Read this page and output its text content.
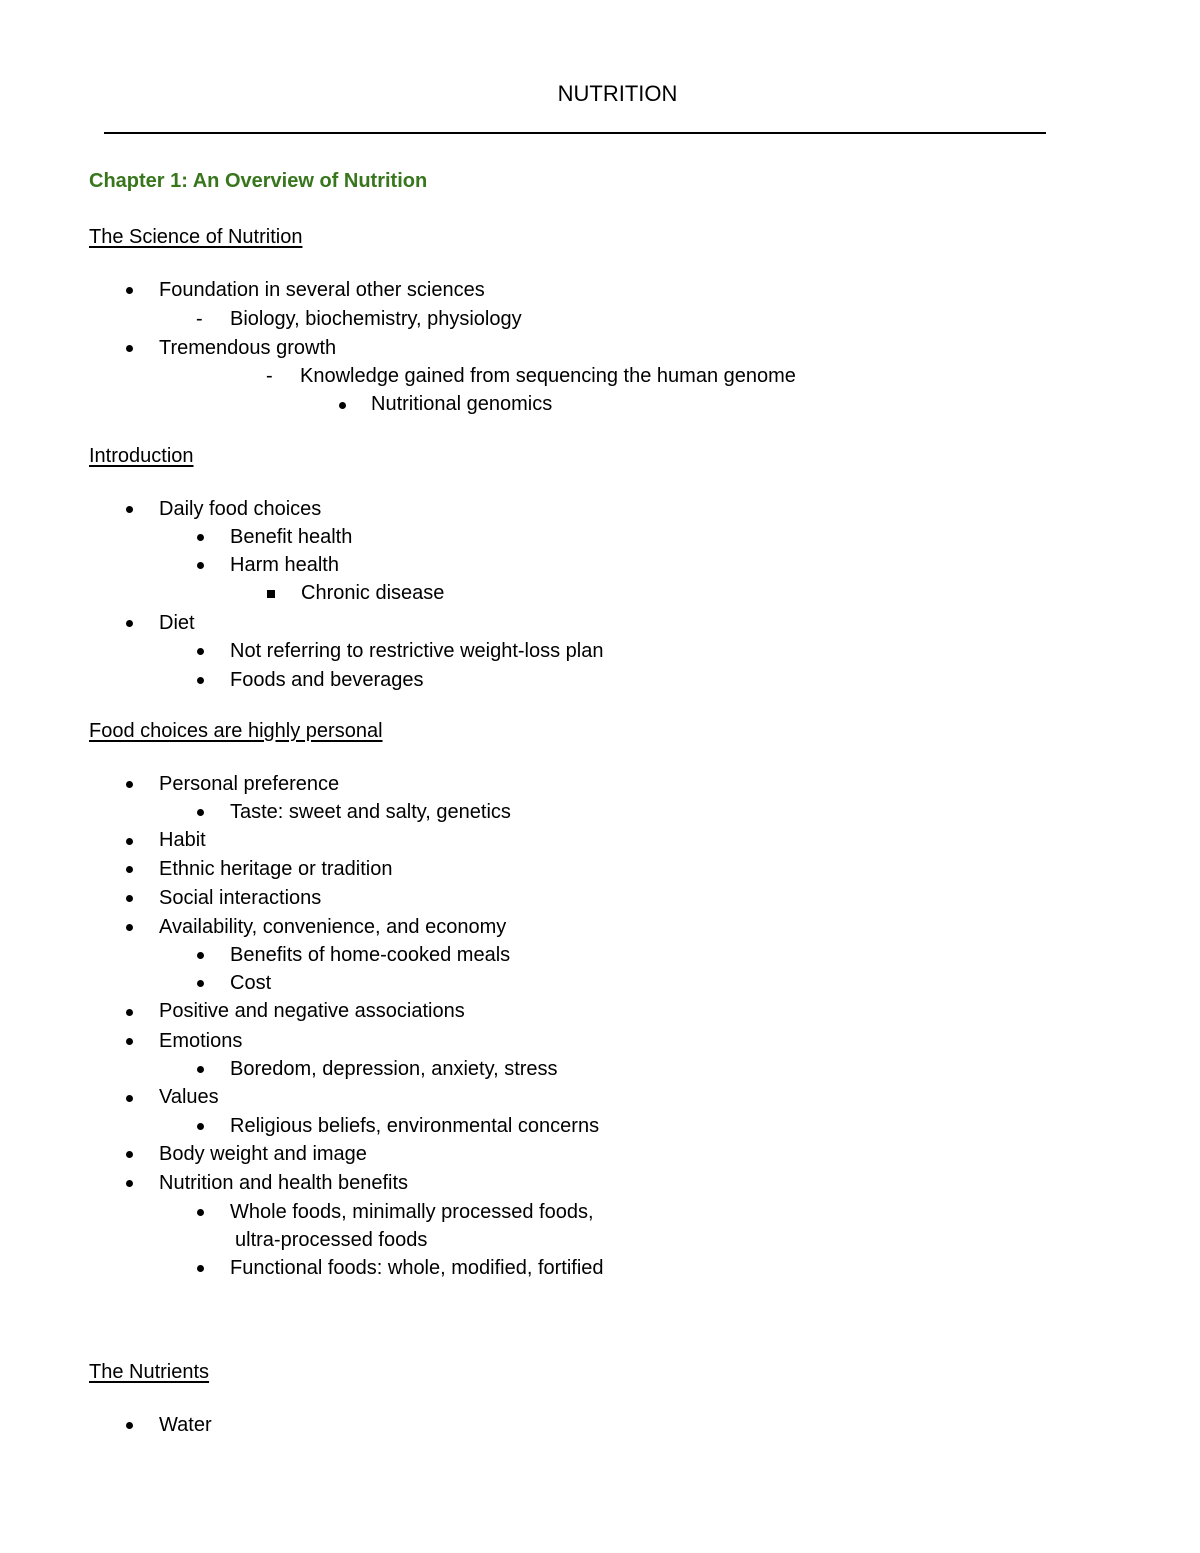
NUTRITION
Chapter 1: An Overview of Nutrition
The Science of Nutrition
Foundation in several other sciences
- Biology, biochemistry, physiology
Tremendous growth
- Knowledge gained from sequencing the human genome
Nutritional genomics
Introduction
Daily food choices
Benefit health
Harm health
Chronic disease
Diet
Not referring to restrictive weight-loss plan
Foods and beverages
Food choices are highly personal
Personal preference
Taste: sweet and salty, genetics
Habit
Ethnic heritage or tradition
Social interactions
Availability, convenience, and economy
Benefits of home-cooked meals
Cost
Positive and negative associations
Emotions
Boredom, depression, anxiety, stress
Values
Religious beliefs, environmental concerns
Body weight and image
Nutrition and health benefits
Whole foods, minimally processed foods,
ultra-processed foods
Functional foods: whole, modified, fortified
The Nutrients
Water
